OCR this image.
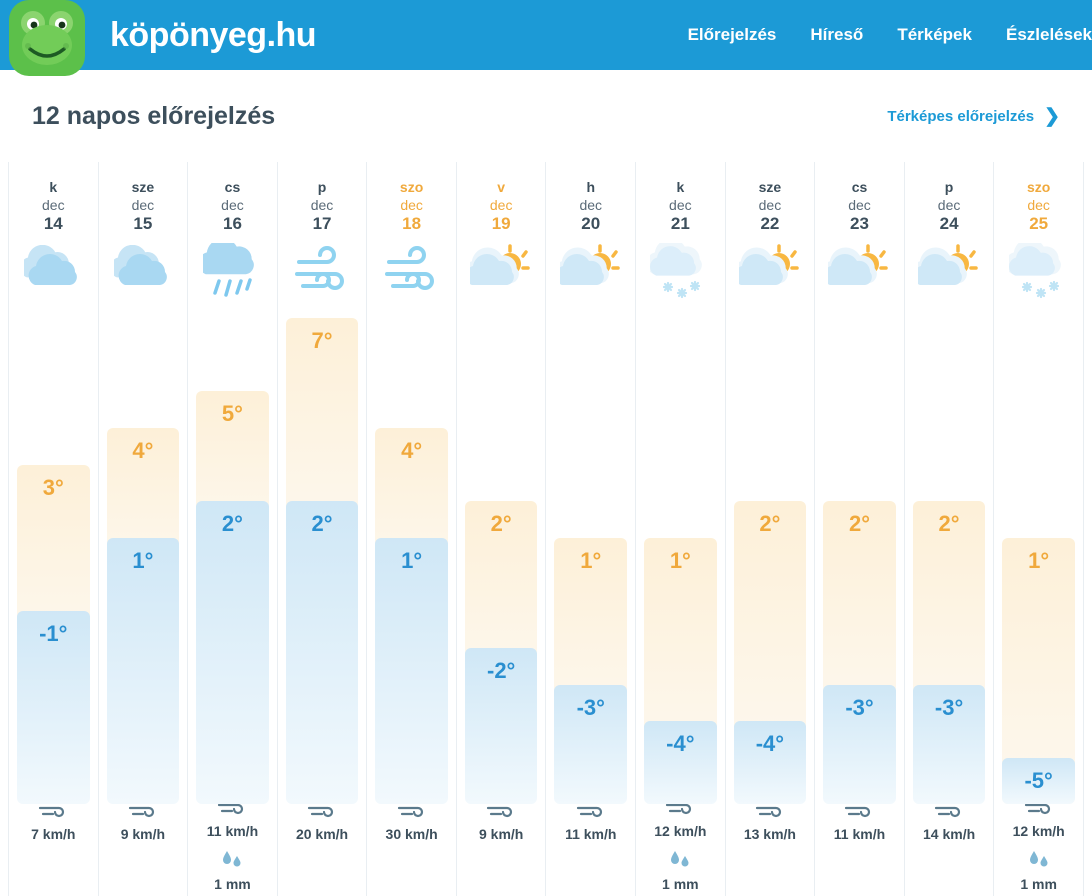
köpönyeg.hu	Előrejelzés Híreső Térképek Észlelések
12 napos előrejelzés	Térképes előrejelzés ❯
k
dec
14
3°
-1°
7 km/h
sze
dec
15
4°
1°
9 km/h
cs
dec
16
5°
2°
11 km/h
1 mm
p
dec
17
7°
2°
20 km/h
szo
dec
18
4°
1°
30 km/h
v
dec
19
2°
-2°
9 km/h
h
dec
20
1°
-3°
11 km/h
k
dec
21
1°
-4°
12 km/h
1 mm
sze
dec
22
2°
-4°
13 km/h
cs
dec
23
2°
-3°
11 km/h
p
dec
24
2°
-3°
14 km/h
szo
dec
25
1°
-5°
12 km/h
1 mm
